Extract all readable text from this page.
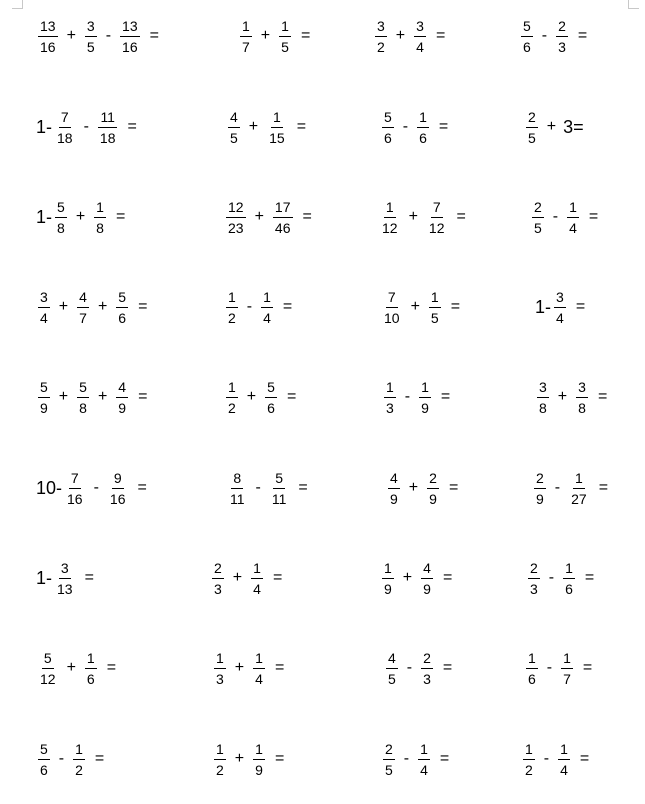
$\frac{13}{16} + \frac{3}{5} - \frac{13}{16}$ =	$\frac{1}{7} + \frac{1}{5}$ =	$\frac{3}{2} + \frac{3}{4}$ =	$\frac{5}{6} - \frac{2}{3}$ =
$1- \frac{7}{18} - \frac{11}{18}$ =	$\frac{4}{5} + \frac{1}{15}$ =	$\frac{5}{6} - \frac{1}{6}$ =	$\frac{2}{5} + 3=$
$1- \frac{5}{8} + \frac{1}{8}$ =	$\frac{12}{23} + \frac{17}{46}$ =	$\frac{1}{12} + \frac{7}{12}$ =	$\frac{2}{5} - \frac{1}{4}$ =
$\frac{3}{4} + \frac{4}{7} + \frac{5}{6}$ =	$\frac{1}{2} - \frac{1}{4}$ =	$\frac{7}{10} + \frac{1}{5}$ =	$1- \frac{3}{4}$ =
$\frac{5}{9} + \frac{5}{8} + \frac{4}{9}$ =	$\frac{1}{2} + \frac{5}{6}$ =	$\frac{1}{3} - \frac{1}{9}$ =	$\frac{3}{8} + \frac{3}{8}$ =
$10- \frac{7}{16} - \frac{9}{16}$ =	$\frac{8}{11} - \frac{5}{11}$ =	$\frac{4}{9} + \frac{2}{9}$ =	$\frac{2}{9} - \frac{1}{27}$ =
$1- \frac{3}{13}$ =	$\frac{2}{3} + \frac{1}{4}$ =	$\frac{1}{9} + \frac{4}{9}$ =	$\frac{2}{3} - \frac{1}{6}$ =
$\frac{5}{12} + \frac{1}{6}$ =	$\frac{1}{3} + \frac{1}{4}$ =	$\frac{4}{5} - \frac{2}{3}$ =	$\frac{1}{6} - \frac{1}{7}$ =
$\frac{5}{6} - \frac{1}{2}$ =	$\frac{1}{2} + \frac{1}{9}$ =	$\frac{2}{5} - \frac{1}{4}$ =	$\frac{1}{2} - \frac{1}{4}$ =
